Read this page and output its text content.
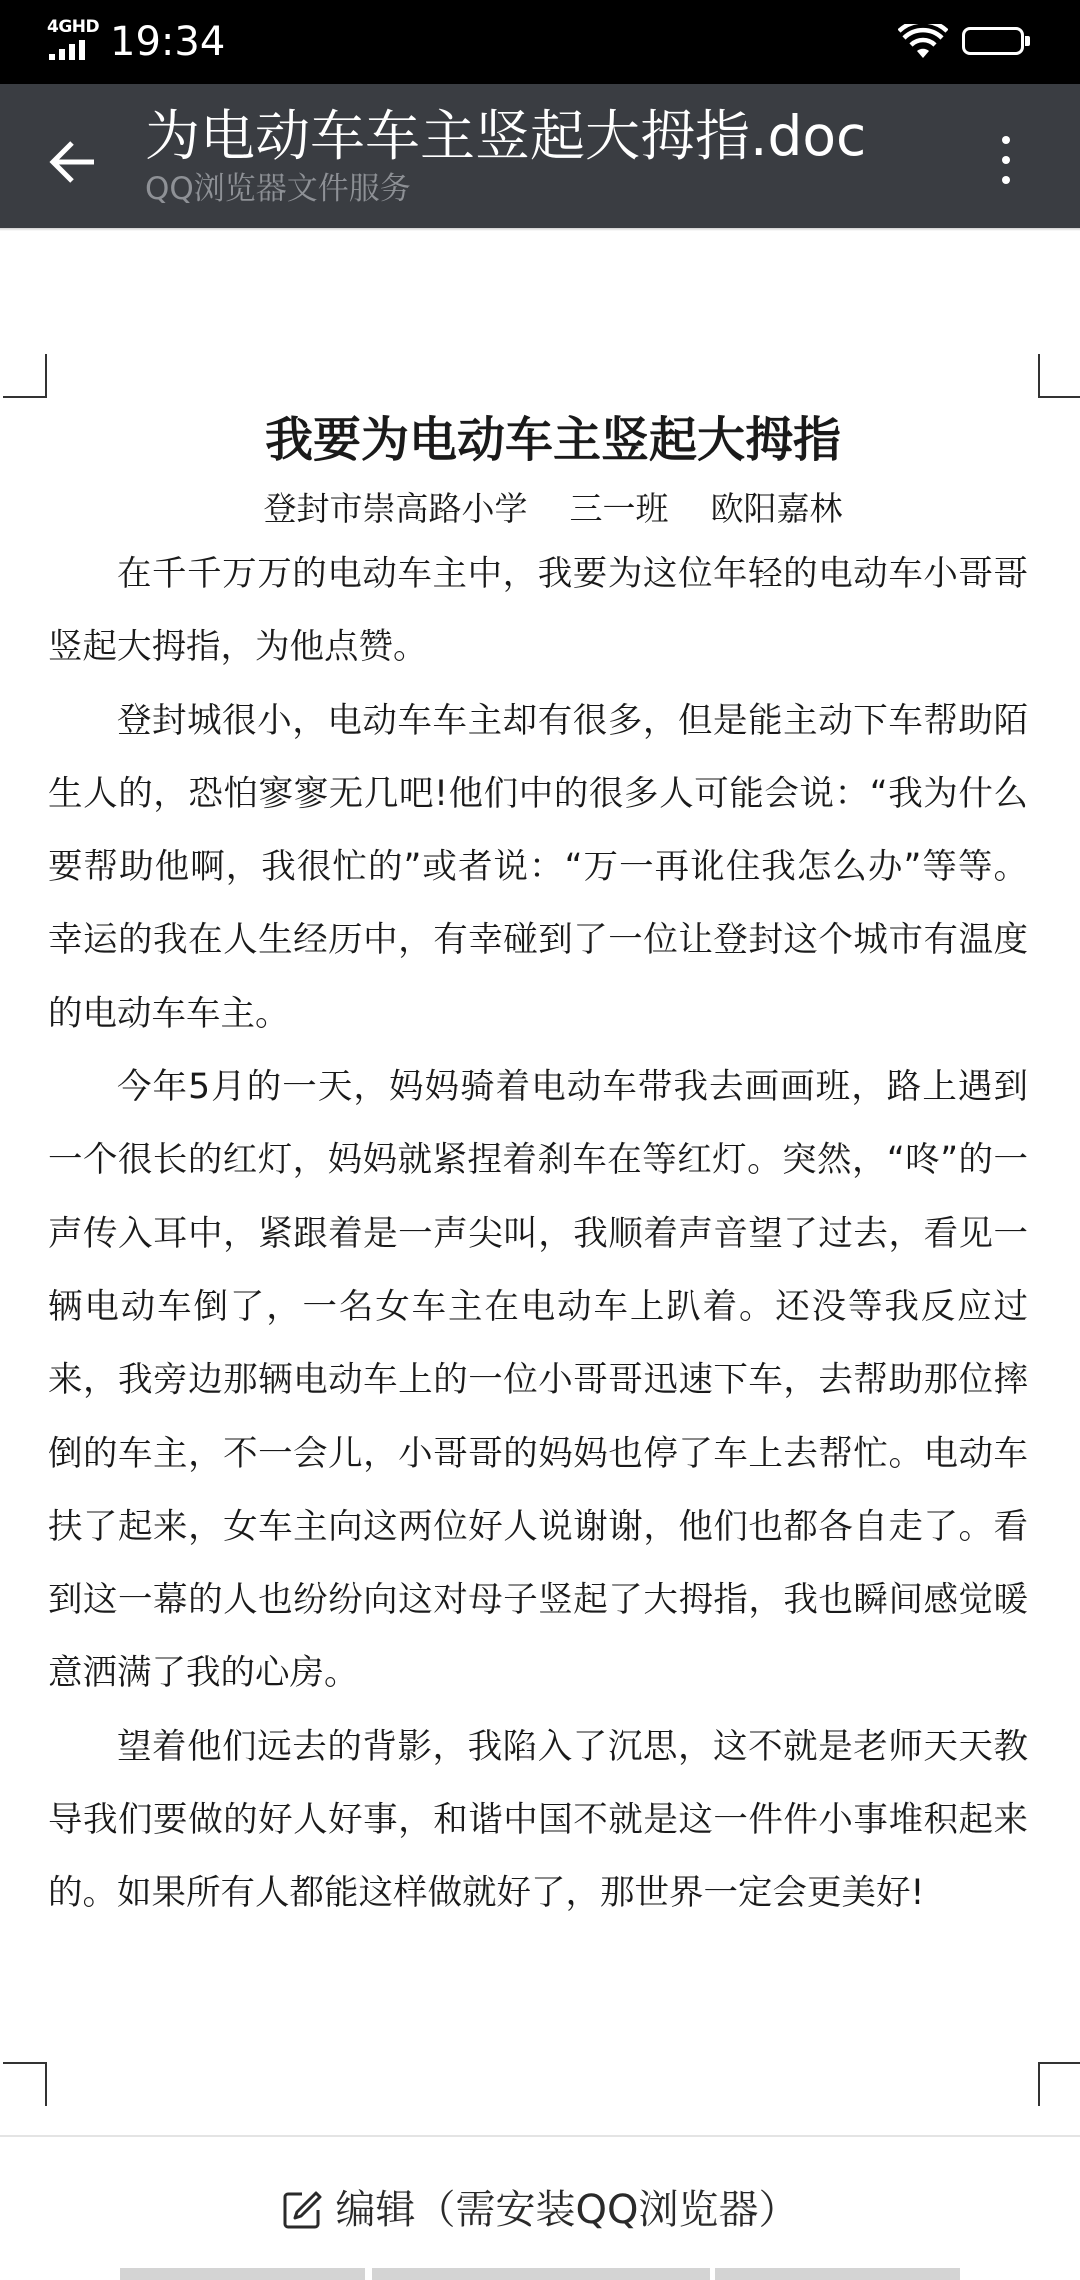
4GHD 19:34	99
为电动车车主竖起大拇指.doc
QQ浏览器文件服务
我要为电动车主竖起大拇指
登封市崇高路小学    三一班    欧阳嘉林

在千千万万的电动车主中，我要为这位年轻的电动车小哥哥竖起大拇指，为他点赞。

登封城很小，电动车车主却有很多，但是能主动下车帮助陌生人的，恐怕寥寥无几吧!他们中的很多人可能会说：“我为什么要帮助他啊，我很忙的”或者说：“万一再讹住我怎么办”等等。幸运的我在人生经历中，有幸碰到了一位让登封这个城市有温度的电动车车主。

今年5月的一天，妈妈骑着电动车带我去画画班，路上遇到一个很长的红灯，妈妈就紧捏着刹车在等红灯。突然，“咚”的一声传入耳中，紧跟着是一声尖叫，我顺着声音望了过去，看见一辆电动车倒了，一名女车主在电动车上趴着。还没等我反应过来，我旁边那辆电动车上的一位小哥哥迅速下车，去帮助那位摔倒的车主，不一会儿，小哥哥的妈妈也停了车上去帮忙。电动车扶了起来，女车主向这两位好人说谢谢，他们也都各自走了。看到这一幕的人也纷纷向这对母子竖起了大拇指，我也瞬间感觉暖意洒满了我的心房。

望着他们远去的背影，我陷入了沉思，这不就是老师天天教导我们要做的好人好事，和谐中国不就是这一件件小事堆积起来的。如果所有人都能这样做就好了，那世界一定会更美好!

编辑（需安装QQ浏览器）
